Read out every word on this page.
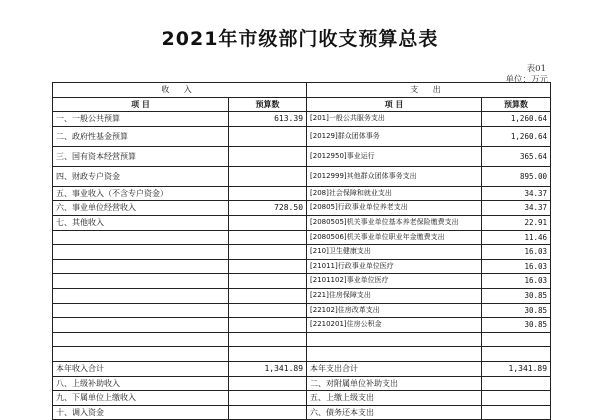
2021年市级部门收支预算总表
表01
单位：万元
收 入		支 出	
项 目	预算数	项 目	预算数
一、一般公共预算	613.39	[201]一般公共服务支出	1,260.64
二、政府性基金预算		[20129]群众团体事务	1,260.64
三、国有资本经营预算		[2012950]事业运行	365.64
四、财政专户资金		[2012999]其他群众团体事务支出	895.00
五、事业收入（不含专户资金）		[208]社会保障和就业支出	34.37
六、事业单位经营收入	728.50	[20805]行政事业单位养老支出	34.37
七、其他收入		[2080505]机关事业单位基本养老保险缴费支出	22.91
		[2080506]机关事业单位职业年金缴费支出	11.46
		[210]卫生健康支出	16.03
		[21011]行政事业单位医疗	16.03
		[2101102]事业单位医疗	16.03
		[221]住房保障支出	30.85
		[22102]住房改革支出	30.85
		[2210201]住房公积金	30.85

本年收入合计	1,341.89	本年支出合计	1,341.89
八、上级补助收入		二、对附属单位补助支出	
九、下属单位上缴收入		五、上缴上级支出	
十、调入资金		六、债务还本支出	
